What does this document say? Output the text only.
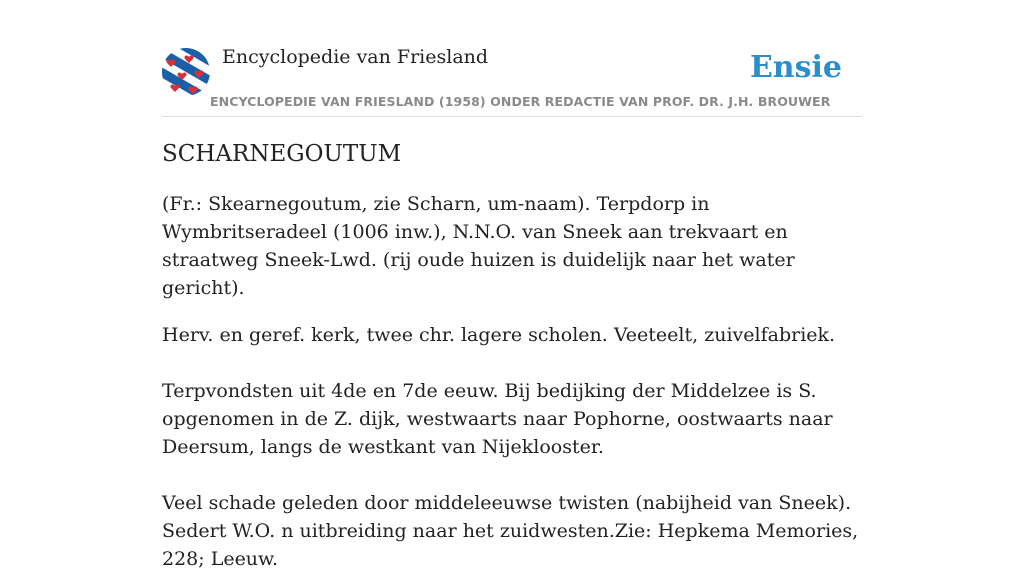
Encyclopedie van Friesland
ENCYCLOPEDIE VAN FRIESLAND (1958) ONDER REDACTIE VAN PROF. DR. J.H. BROUWER
Ensie
SCHARNEGOUTUM

(Fr.: Skearnegoutum, zie Scharn, um-naam). Terpdorp in Wymbritseradeel (1006 inw.), N.N.O. van Sneek aan trekvaart en straatweg Sneek-Lwd. (rij oude huizen is duidelijk naar het water gericht).

Herv. en geref. kerk, twee chr. lagere scholen. Veeteelt, zuivelfabriek.

Terpvondsten uit 4de en 7de eeuw. Bij bedijking der Middelzee is S. opgenomen in de Z. dijk, westwaarts naar Pophorne, oostwaarts naar Deersum, langs de westkant van Nijeklooster.

Veel schade geleden door middeleeuwse twisten (nabijheid van Sneek). Sedert W.O. n uitbreiding naar het zuidwesten.Zie: Hepkema Memories, 228; Leeuw.
